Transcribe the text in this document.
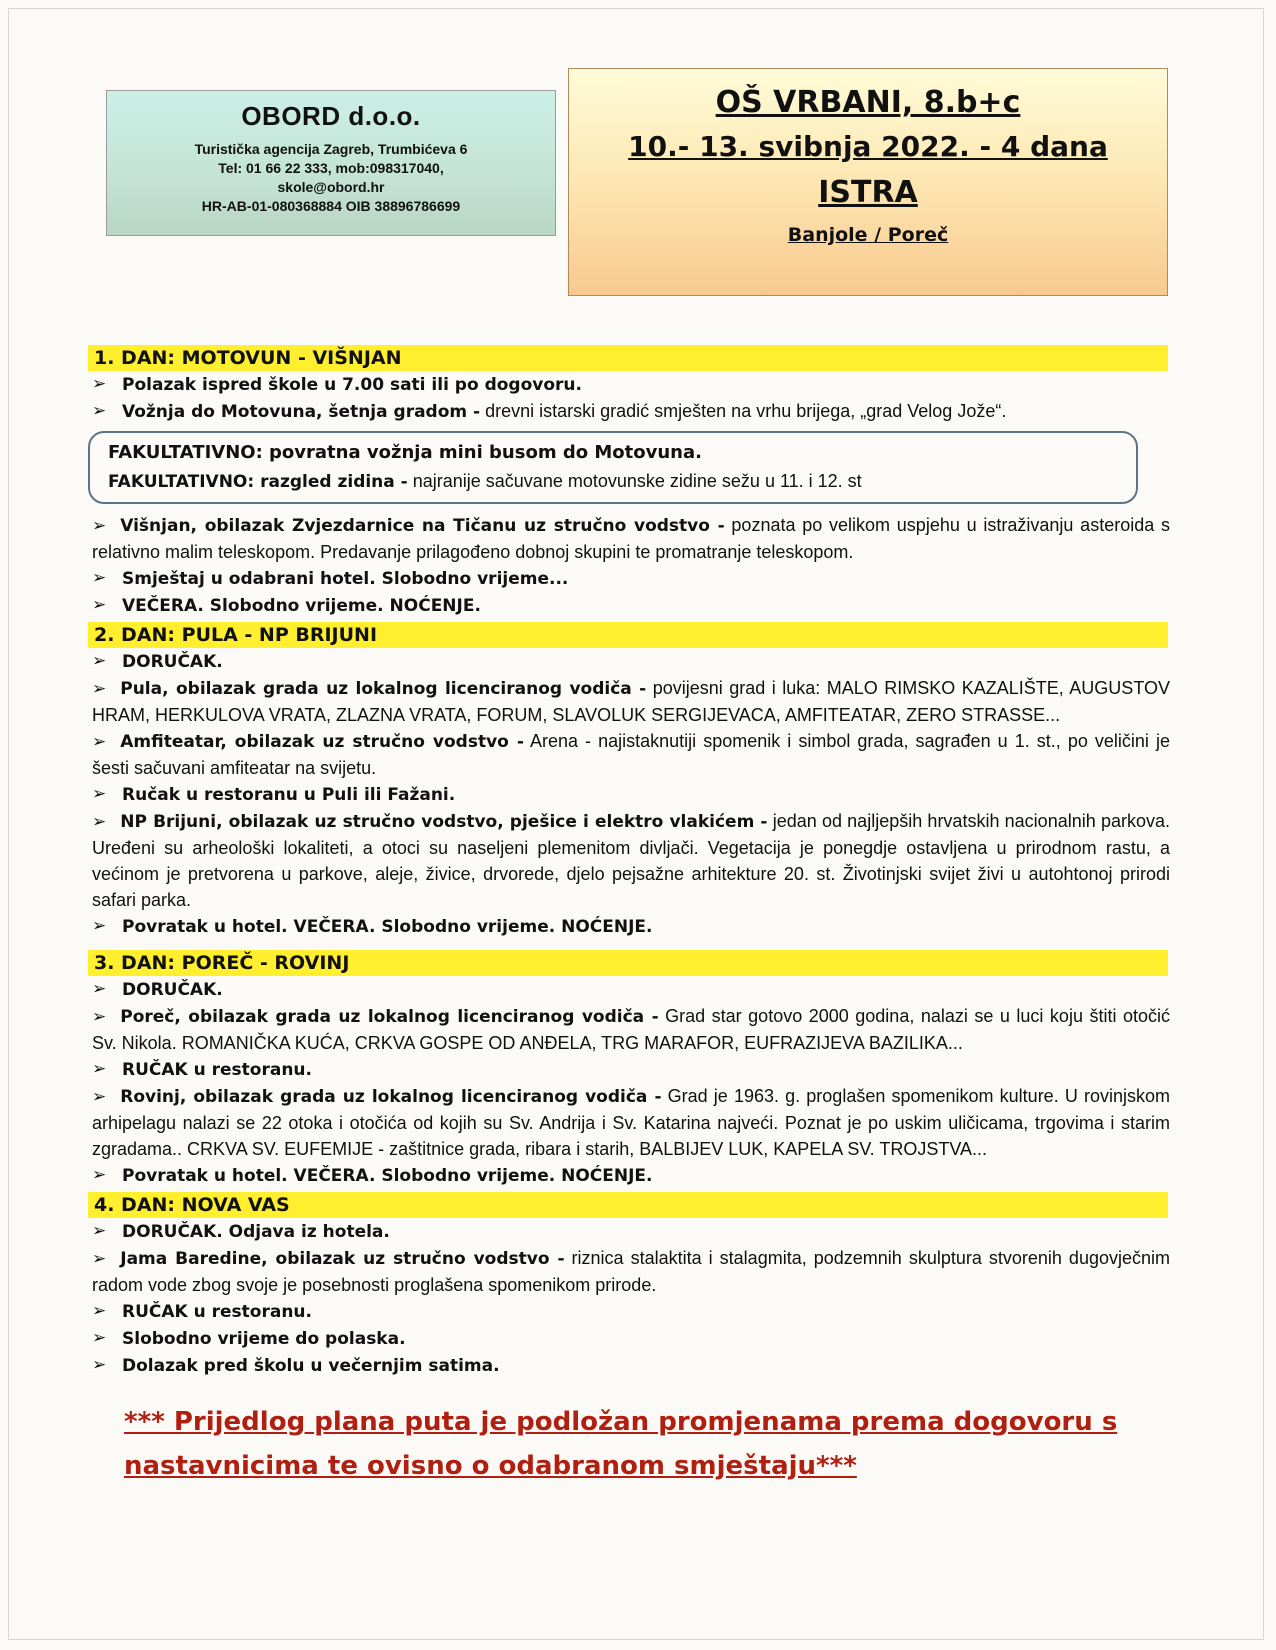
OBORD d.o.o.
Turistička agencija Zagreb, Trumbićeva 6
Tel: 01 66 22 333, mob:098317040,
skole@obord.hr
HR-AB-01-080368884 OIB 38896786699
OŠ VRBANI, 8.b+c
10.- 13. svibnja 2022. - 4 dana
ISTRA
Banjole / Poreč
1. DAN: MOTOVUN - VIŠNJAN
➢ Polazak ispred škole u 7.00 sati ili po dogovoru.
➢ Vožnja do Motovuna, šetnja gradom - drevni istarski gradić smješten na vrhu brijega, „grad Velog Jože“.
FAKULTATIVNO: povratna vožnja mini busom do Motovuna.
FAKULTATIVNO: razgled zidina - najranije sačuvane motovunske zidine sežu u 11. i 12. st
➢ Višnjan, obilazak Zvjezdarnice na Tičanu uz stručno vodstvo - poznata po velikom uspjehu u istraživanju asteroida s relativno malim teleskopom. Predavanje prilagođeno dobnoj skupini te promatranje teleskopom.
➢ Smještaj u odabrani hotel. Slobodno vrijeme...
➢ VEČERA. Slobodno vrijeme. NOĆENJE.
2. DAN: PULA - NP BRIJUNI
➢ DORUČAK.
➢ Pula, obilazak grada uz lokalnog licenciranog vodiča - povijesni grad i luka: MALO RIMSKO KAZALIŠTE, AUGUSTOV HRAM, HERKULOVA VRATA, ZLAZNA VRATA, FORUM, SLAVOLUK SERGIJEVACA, AMFITEATAR, ZERO STRASSE...
➢ Amfiteatar, obilazak uz stručno vodstvo - Arena - najistaknutiji spomenik i simbol grada, sagrađen u 1. st., po veličini je šesti sačuvani amfiteatar na svijetu.
➢ Ručak u restoranu u Puli ili Fažani.
➢ NP Brijuni, obilazak uz stručno vodstvo, pješice i elektro vlakićem - jedan od najljepših hrvatskih nacionalnih parkova. Uređeni su arheološki lokaliteti, a otoci su naseljeni plemenitom divljači. Vegetacija je ponegdje ostavljena u prirodnom rastu, a većinom je pretvorena u parkove, aleje, živice, drvorede, djelo pejsažne arhitekture 20. st. Životinjski svijet živi u autohtonoj prirodi safari parka.
➢ Povratak u hotel. VEČERA. Slobodno vrijeme. NOĆENJE.
3. DAN: POREČ - ROVINJ
➢ DORUČAK.
➢ Poreč, obilazak grada uz lokalnog licenciranog vodiča - Grad star gotovo 2000 godina, nalazi se u luci koju štiti otočić Sv. Nikola. ROMANIČKA KUĆA, CRKVA GOSPE OD ANĐELA, TRG MARAFOR, EUFRAZIJEVA BAZILIKA...
➢ RUČAK u restoranu.
➢ Rovinj, obilazak grada uz lokalnog licenciranog vodiča - Grad je 1963. g. proglašen spomenikom kulture. U rovinjskom arhipelagu nalazi se 22 otoka i otočića od kojih su Sv. Andrija i Sv. Katarina najveći. Poznat je po uskim uličicama, trgovima i starim zgradama.. CRKVA SV. EUFEMIJE - zaštitnice grada, ribara i starih, BALBIJEV LUK, KAPELA SV. TROJSTVA...
➢ Povratak u hotel. VEČERA. Slobodno vrijeme. NOĆENJE.
4. DAN: NOVA VAS
➢ DORUČAK. Odjava iz hotela.
➢ Jama Baredine, obilazak uz stručno vodstvo - riznica stalaktita i stalagmita, podzemnih skulptura stvorenih dugovječnim radom vode zbog svoje je posebnosti proglašena spomenikom prirode.
➢ RUČAK u restoranu.
➢ Slobodno vrijeme do polaska.
➢ Dolazak pred školu u večernjim satima.
*** Prijedlog plana puta je podložan promjenama prema dogovoru s nastavnicima te ovisno o odabranom smještaju***
